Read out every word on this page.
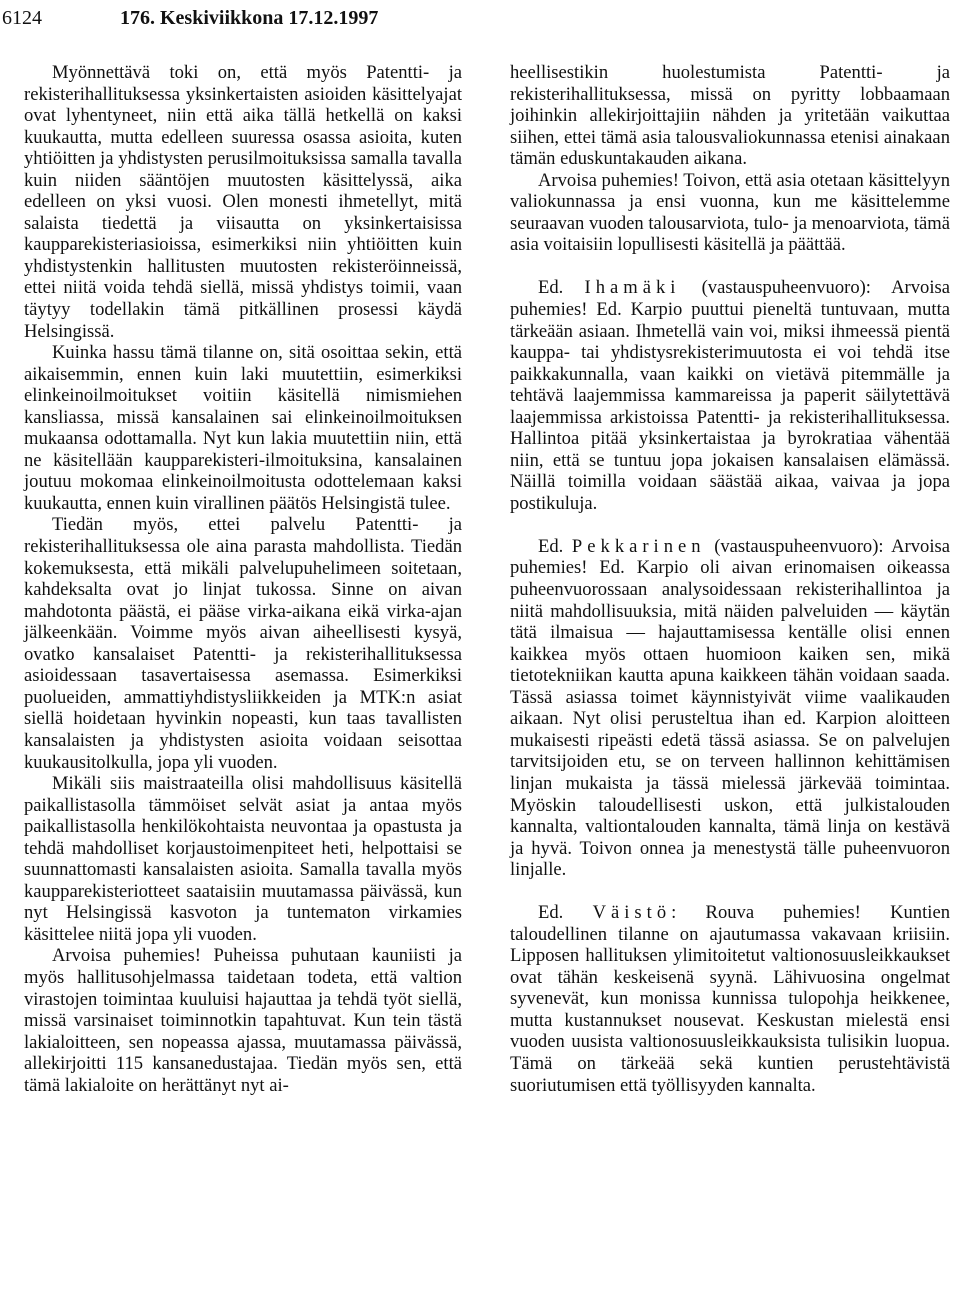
6124	176. Keskiviikkona 17.12.1997

Myönnettävä toki on, että myös Patentti- ja rekisterihallituksessa yksinkertaisten asioiden käsittelyajat ovat lyhentyneet, niin että aika tällä hetkellä on kaksi kuukautta, mutta edelleen suuressa osassa asioita, kuten yhtiöitten ja yhdistysten perusilmoituksissa samalla tavalla kuin niiden sääntöjen muutosten käsittelyssä, aika edelleen on yksi vuosi. Olen monesti ihmetellyt, mitä salaista tiedettä ja viisautta on yksinkertaisissa kaupparekisteriasioissa, esimerkiksi niin yhtiöitten kuin yhdistystenkin hallitusten muutosten rekisteröinneissä, ettei niitä voida tehdä siellä, missä yhdistys toimii, vaan täytyy todellakin tämä pitkällinen prosessi käydä Helsingissä.

Kuinka hassu tämä tilanne on, sitä osoittaa sekin, että aikaisemmin, ennen kuin laki muutettiin, esimerkiksi elinkeinoilmoitukset voitiin käsitellä nimismiehen kansliassa, missä kansalainen sai elinkeinoilmoituksen mukaansa odottamalla. Nyt kun lakia muutettiin niin, että ne käsitellään kaupparekisteri-ilmoituksina, kansalainen joutuu mokomaa elinkeinoilmoitusta odottelemaan kaksi kuukautta, ennen kuin virallinen päätös Helsingistä tulee.

Tiedän myös, ettei palvelu Patentti- ja rekisterihallituksessa ole aina parasta mahdollista. Tiedän kokemuksesta, että mikäli palvelupuhelimeen soitetaan, kahdeksalta ovat jo linjat tukossa. Sinne on aivan mahdotonta päästä, ei pääse virka-aikana eikä virka-ajan jälkeenkään. Voimme myös aivan aiheellisesti kysyä, ovatko kansalaiset Patentti- ja rekisterihallituksessa asioidessaan tasavertaisessa asemassa. Esimerkiksi puolueiden, ammattiyhdistysliikkeiden ja MTK:n asiat siellä hoidetaan hyvinkin nopeasti, kun taas tavallisten kansalaisten ja yhdistysten asioita voidaan seisottaa kuukausitolkulla, jopa yli vuoden.

Mikäli siis maistraateilla olisi mahdollisuus käsitellä paikallistasolla tämmöiset selvät asiat ja antaa myös paikallistasolla henkilökohtaista neuvontaa ja opastusta ja tehdä mahdolliset korjaustoimenpiteet heti, helpottaisi se suunnattomasti kansalaisten asioita. Samalla tavalla myös kaupparekisteriotteet saataisiin muutamassa päivässä, kun nyt Helsingissä kasvoton ja tuntematon virkamies käsittelee niitä jopa yli vuoden.

Arvoisa puhemies! Puheissa puhutaan kauniisti ja myös hallitusohjelmassa taidetaan todeta, että valtion virastojen toimintaa kuuluisi hajauttaa ja tehdä työt siellä, missä varsinaiset toiminnotkin tapahtuvat. Kun tein tästä lakialoitteen, sen nopeassa ajassa, muutamassa päivässä, allekirjoitti 115 kansanedustajaa. Tiedän myös sen, että tämä lakialoite on herättänyt nyt ai-

heellisestikin huolestumista Patentti- ja rekisterihallituksessa, missä on pyritty lobbaamaan joihinkin allekirjoittajiin nähden ja yritetään vaikuttaa siihen, ettei tämä asia talousvaliokunnassa etenisi ainakaan tämän eduskuntakauden aikana.

Arvoisa puhemies! Toivon, että asia otetaan käsittelyyn valiokunnassa ja ensi vuonna, kun me käsittelemme seuraavan vuoden talousarviota, tulo- ja menoarviota, tämä asia voitaisiin lopullisesti käsitellä ja päättää.

Ed. Ihamäki (vastauspuheenvuoro): Arvoisa puhemies! Ed. Karpio puuttui pieneltä tuntuvaan, mutta tärkeään asiaan. Ihmetellä vain voi, miksi ihmeessä pientä kauppa- tai yhdistysrekisterimuutosta ei voi tehdä itse paikkakunnalla, vaan kaikki on vietävä pitemmälle ja tehtävä laajemmissa kammareissa ja paperit säilytettävä laajemmissa arkistoissa Patentti- ja rekisterihallituksessa. Hallintoa pitää yksinkertaistaa ja byrokratiaa vähentää niin, että se tuntuu jopa jokaisen kansalaisen elämässä. Näillä toimilla voidaan säästää aikaa, vaivaa ja jopa postikuluja.

Ed. Pekkarinen (vastauspuheenvuoro): Arvoisa puhemies! Ed. Karpio oli aivan erinomaisen oikeassa puheenvuorossaan analysoidessaan rekisterihallintoa ja niitä mahdollisuuksia, mitä näiden palveluiden — käytän tätä ilmaisua — hajauttamisessa kentälle olisi ennen kaikkea myös ottaen huomioon kaiken sen, mikä tietotekniikan kautta apuna kaikkeen tähän voidaan saada. Tässä asiassa toimet käynnistyivät viime vaalikauden aikaan. Nyt olisi perusteltua ihan ed. Karpion aloitteen mukaisesti ripeästi edetä tässä asiassa. Se on palvelujen tarvitsijoiden etu, se on terveen hallinnon kehittämisen linjan mukaista ja tässä mielessä järkevää toimintaa. Myöskin taloudellisesti uskon, että julkistalouden kannalta, valtiontalouden kannalta, tämä linja on kestävä ja hyvä. Toivon onnea ja menestystä tälle puheenvuoron linjalle.

Ed. Väistö: Rouva puhemies! Kuntien taloudellinen tilanne on ajautumassa vakavaan kriisiin. Lipposen hallituksen ylimitoitetut valtionosuusleikkaukset ovat tähän keskeisenä syynä. Lähivuosina ongelmat syvenevät, kun monissa kunnissa tulopohja heikkenee, mutta kustannukset nousevat. Keskustan mielestä ensi vuoden uusista valtionosuusleikkauksista tulisikin luopua. Tämä on tärkeää sekä kuntien perustehtävistä suoriutumisen että työllisyyden kannalta.
